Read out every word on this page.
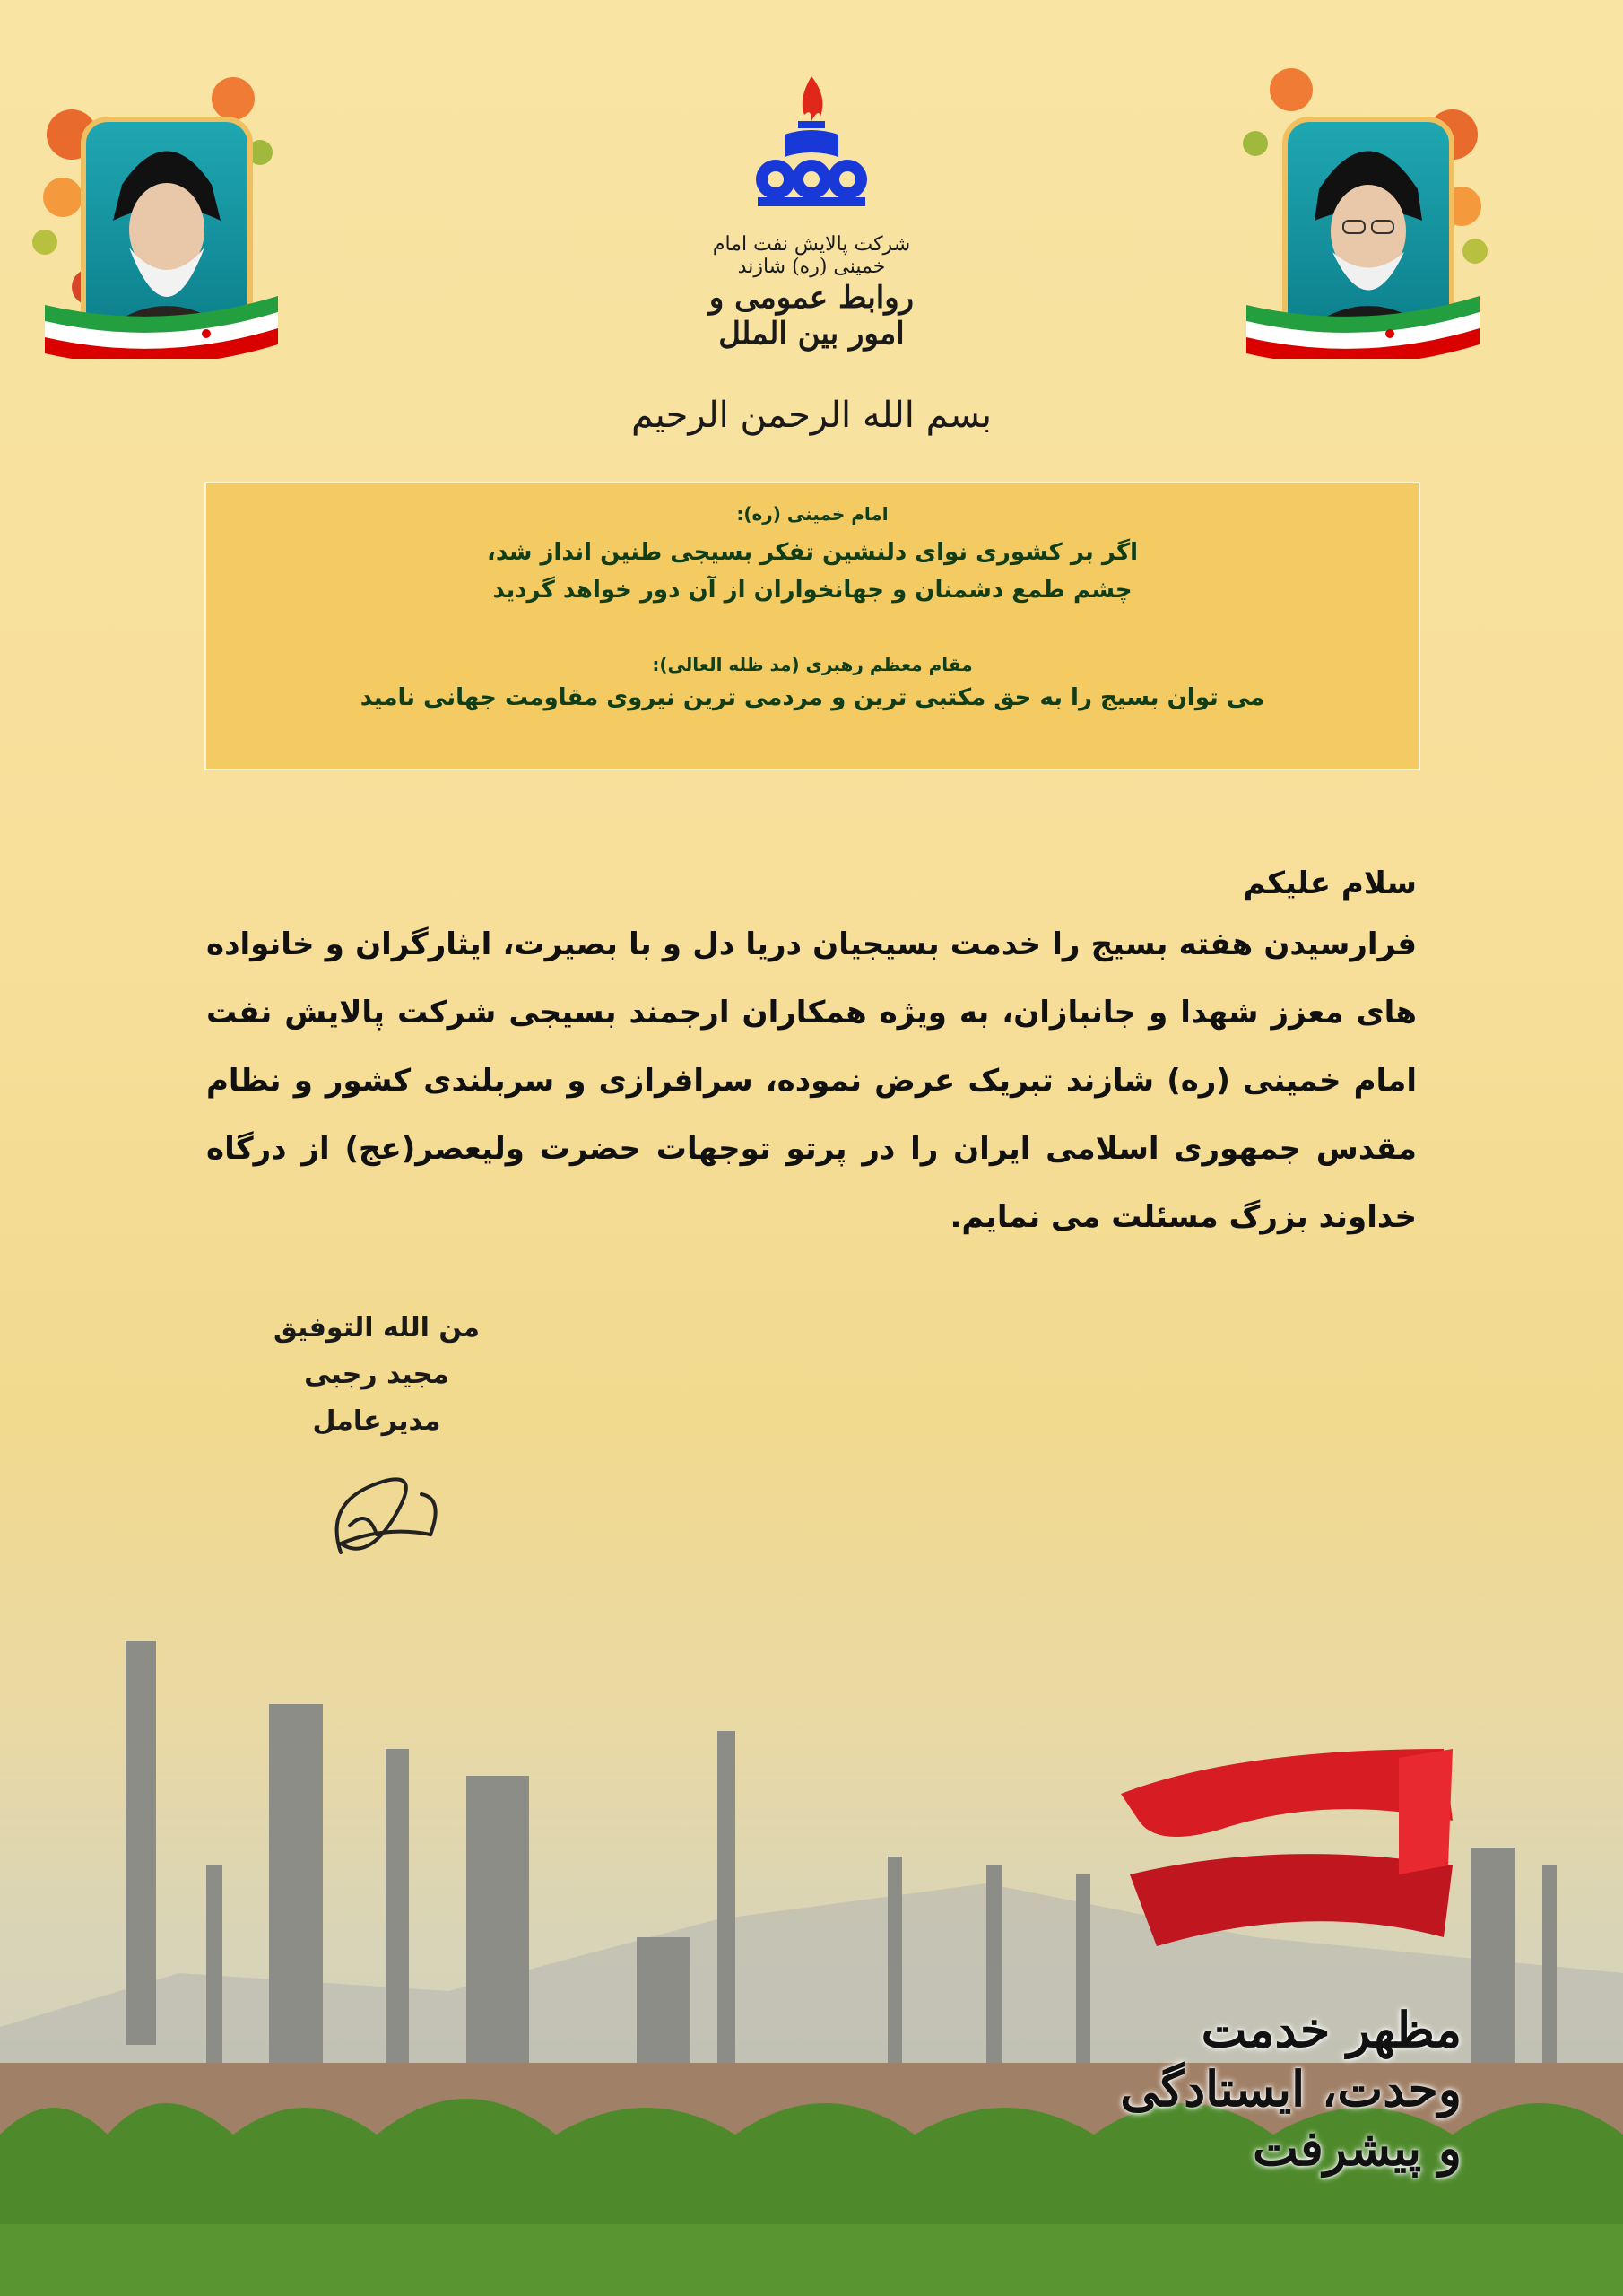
شرکت پالایش نفت امام خمینی (ره) شازند
روابط عمومی و امور بین الملل
بسم الله الرحمن الرحیم
امام خمینی (ره):
اگر بر کشوری نوای دلنشین تفکر بسیجی طنین انداز شد،
چشم طمع دشمنان و جهانخواران از آن دور خواهد گردید
مقام معظم رهبری (مد ظله العالی):
می توان بسیج را به حق مکتبی ترین و مردمی ترین نیروی مقاومت جهانی نامید
سلام علیکم
فرارسیدن هفته بسیج را خدمت بسیجیان دریا دل و با بصیرت، ایثارگران و خانواده های معزز شهدا و جانبازان، به ویژه همکاران ارجمند بسیجی شرکت پالایش نفت امام خمینی (ره) شازند تبریک عرض نموده، سرافرازی و سربلندی کشور و نظام مقدس جمهوری اسلامی ایران را در پرتو توجهات حضرت ولیعصر(عج) از درگاه خداوند بزرگ مسئلت می نمایم.
من الله التوفیق
مجید رجبی
مدیرعامل
مظهر خدمت
وحدت، ایستادگی
و پیشرفت
